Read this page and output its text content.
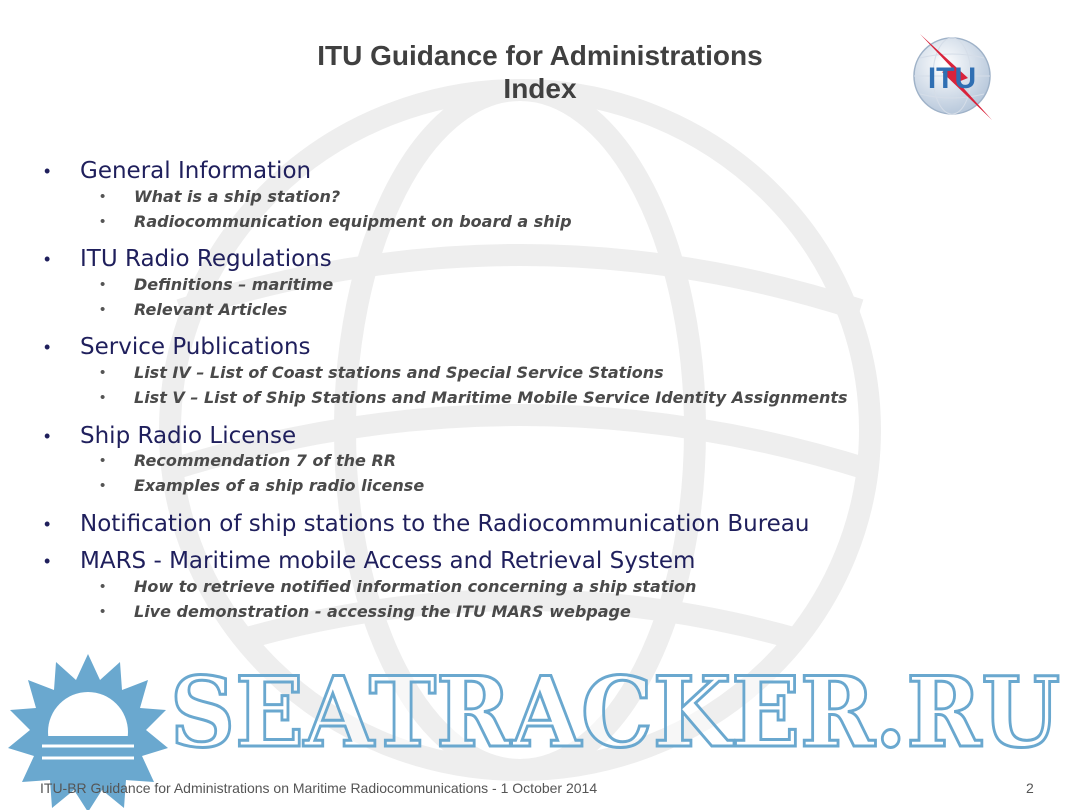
ITU Guidance for Administrations
Index	ITU
• General Information
• What is a ship station?
• Radiocommunication equipment on board a ship
• ITU Radio Regulations
• Definitions – maritime
• Relevant Articles
• Service Publications
• List IV – List of Coast stations and Special Service Stations
• List V – List of Ship Stations and Maritime Mobile Service Identity Assignments
• Ship Radio License
• Recommendation 7 of the RR
• Examples of a ship radio license
• Notification of ship stations to the Radiocommunication Bureau
• MARS - Maritime mobile Access and Retrieval System
• How to retrieve notified information concerning a ship station
• Live demonstration - accessing the ITU MARS webpage
SEATRACKER.RU
ITU-BR Guidance for Administrations on Maritime Radiocommunications - 1 October 2014	2
